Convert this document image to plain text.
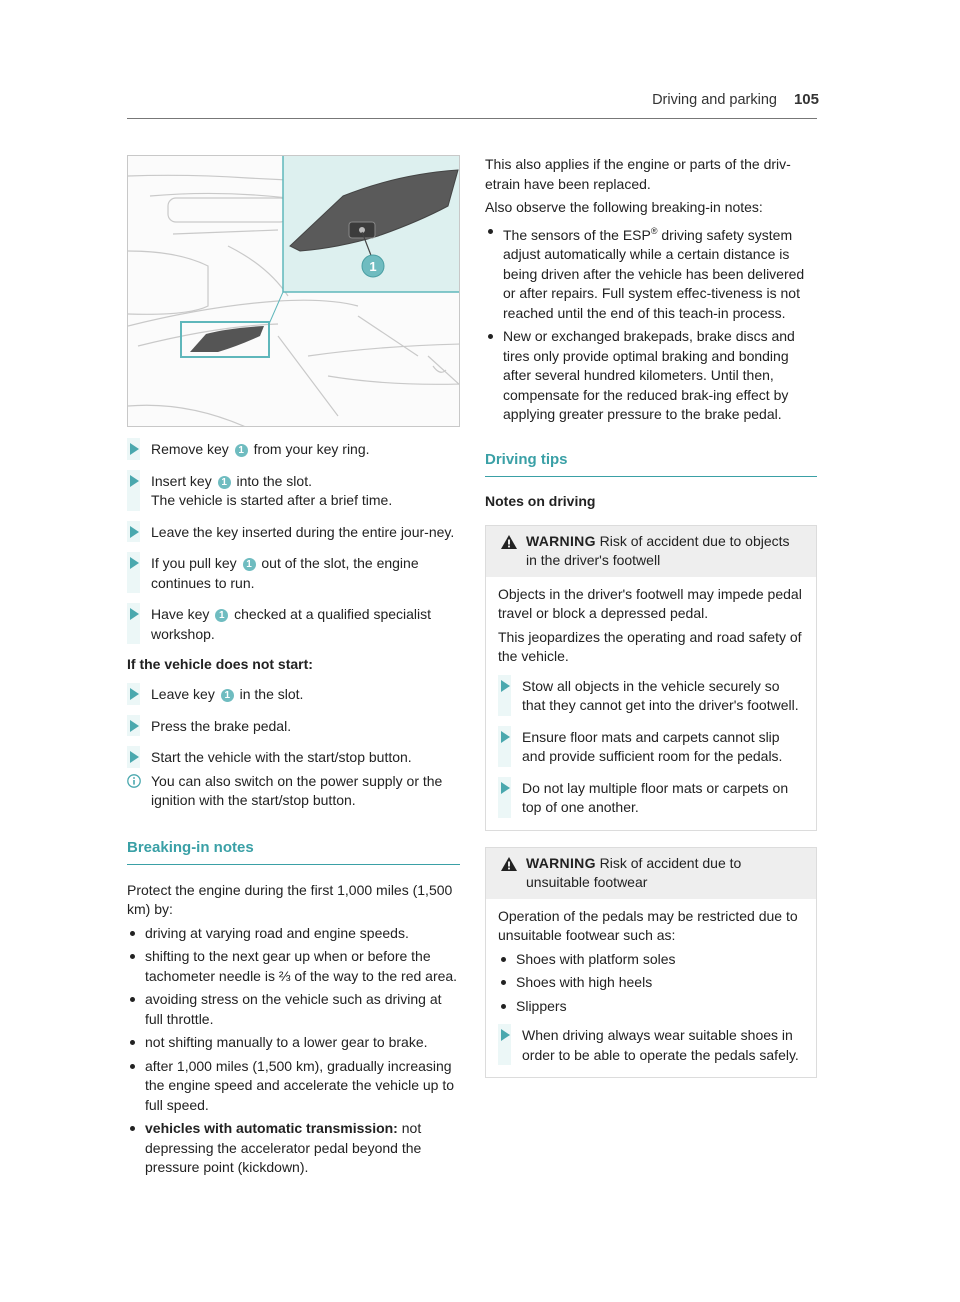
Driving and parking 105
1
Remove key 1 from your key ring.
Insert key 1 into the slot.
The vehicle is started after a brief time.
Leave the key inserted during the entire jour-ney.
If you pull key 1 out of the slot, the engine continues to run.
Have key 1 checked at a qualified specialist workshop.
If the vehicle does not start:
Leave key 1 in the slot.
Press the brake pedal.
Start the vehicle with the start/stop button.
You can also switch on the power supply or the ignition with the start/stop button.
Breaking-in notes

Protect the engine during the first 1,000 miles (1,500 km) by:

driving at varying road and engine speeds.
shifting to the next gear up when or before the tachometer needle is ⅔ of the way to the red area.
avoiding stress on the vehicle such as driving at full throttle.
not shifting manually to a lower gear to brake.
after 1,000 miles (1,500 km), gradually increasing the engine speed and accelerate the vehicle up to full speed.
vehicles with automatic transmission: not depressing the accelerator pedal beyond the pressure point (kickdown).

This also applies if the engine or parts of the driv-etrain have been replaced.

Also observe the following breaking-in notes:

The sensors of the ESP® driving safety system adjust automatically while a certain distance is being driven after the vehicle has been delivered or after repairs. Full system effec-tiveness is not reached until the end of this teach-in process.
New or exchanged brakepads, brake discs and tires only provide optimal braking and bonding after several hundred kilometers. Until then, compensate for the reduced brak-ing effect by applying greater pressure to the brake pedal.
Driving tips
Notes on driving
WARNING Risk of accident due to objects in the driver's footwell

Objects in the driver's footwell may impede pedal travel or block a depressed pedal.

This jeopardizes the operating and road safety of the vehicle.

Stow all objects in the vehicle securely so that they cannot get into the driver's footwell.
Ensure floor mats and carpets cannot slip and provide sufficient room for the pedals.
Do not lay multiple floor mats or carpets on top of one another.
WARNING Risk of accident due to unsuitable footwear

Operation of the pedals may be restricted due to unsuitable footwear such as:

Shoes with platform soles
Shoes with high heels
Slippers
When driving always wear suitable shoes in order to be able to operate the pedals safely.
